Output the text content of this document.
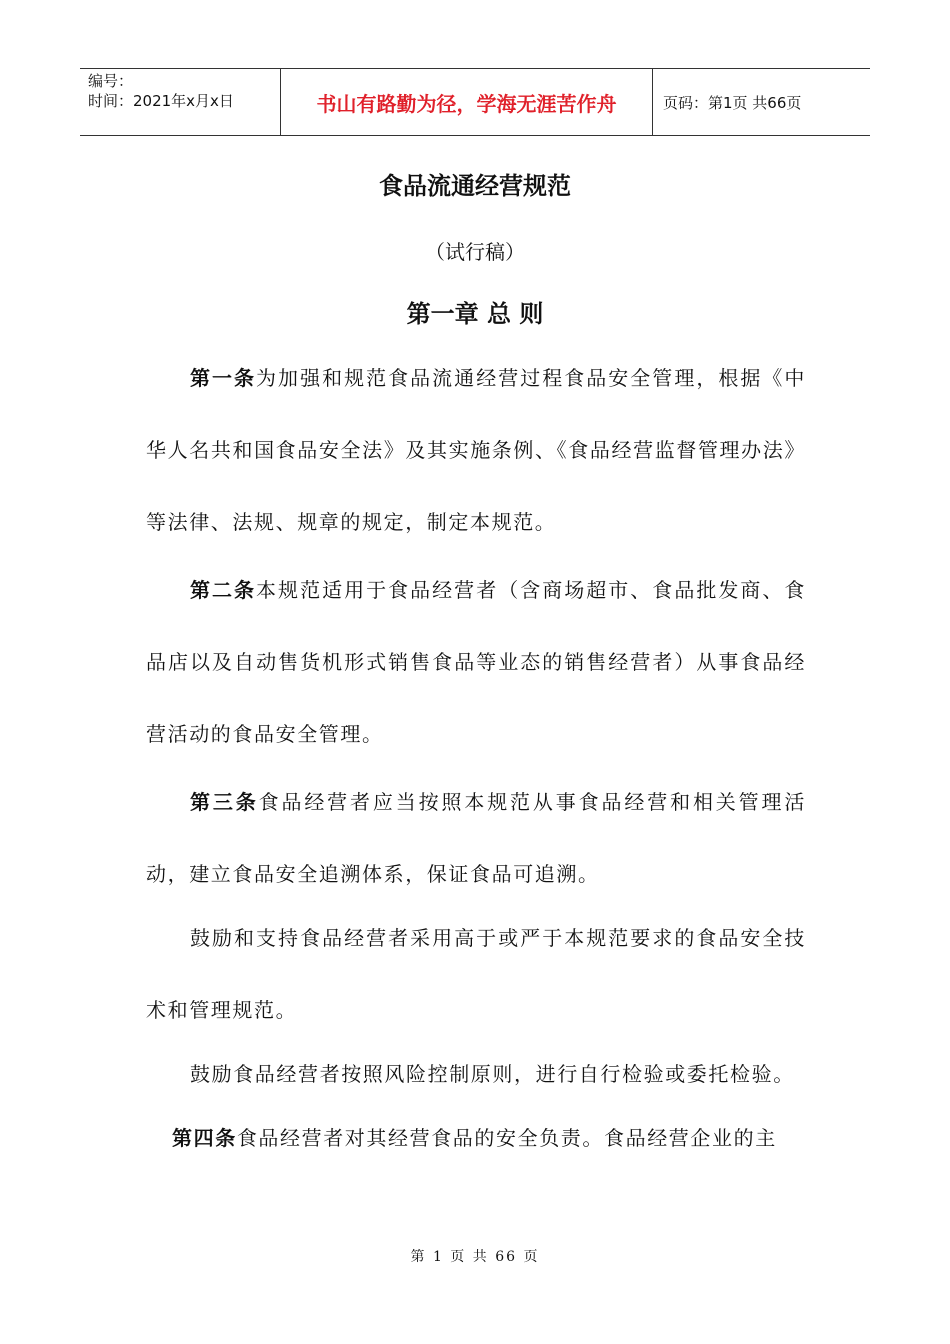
编号：
时间：2021年x月x日	书山有路勤为径，学海无涯苦作舟	页码：第1页 共66页
食品流通经营规范
（试行稿）
第一章 总 则

第一条为加强和规范食品流通经营过程食品安全管理，根据《中华人名共和国食品安全法》及其实施条例、《食品经营监督管理办法》等法律、法规、规章的规定，制定本规范。

第二条本规范适用于食品经营者（含商场超市、食品批发商、食品店以及自动售货机形式销售食品等业态的销售经营者）从事食品经营活动的食品安全管理。

第三条食品经营者应当按照本规范从事食品经营和相关管理活动，建立食品安全追溯体系，保证食品可追溯。

鼓励和支持食品经营者采用高于或严于本规范要求的食品安全技术和管理规范。

鼓励食品经营者按照风险控制原则，进行自行检验或委托检验。

第四条食品经营者对其经营食品的安全负责。食品经营企业的主

第 1 页 共 66 页
